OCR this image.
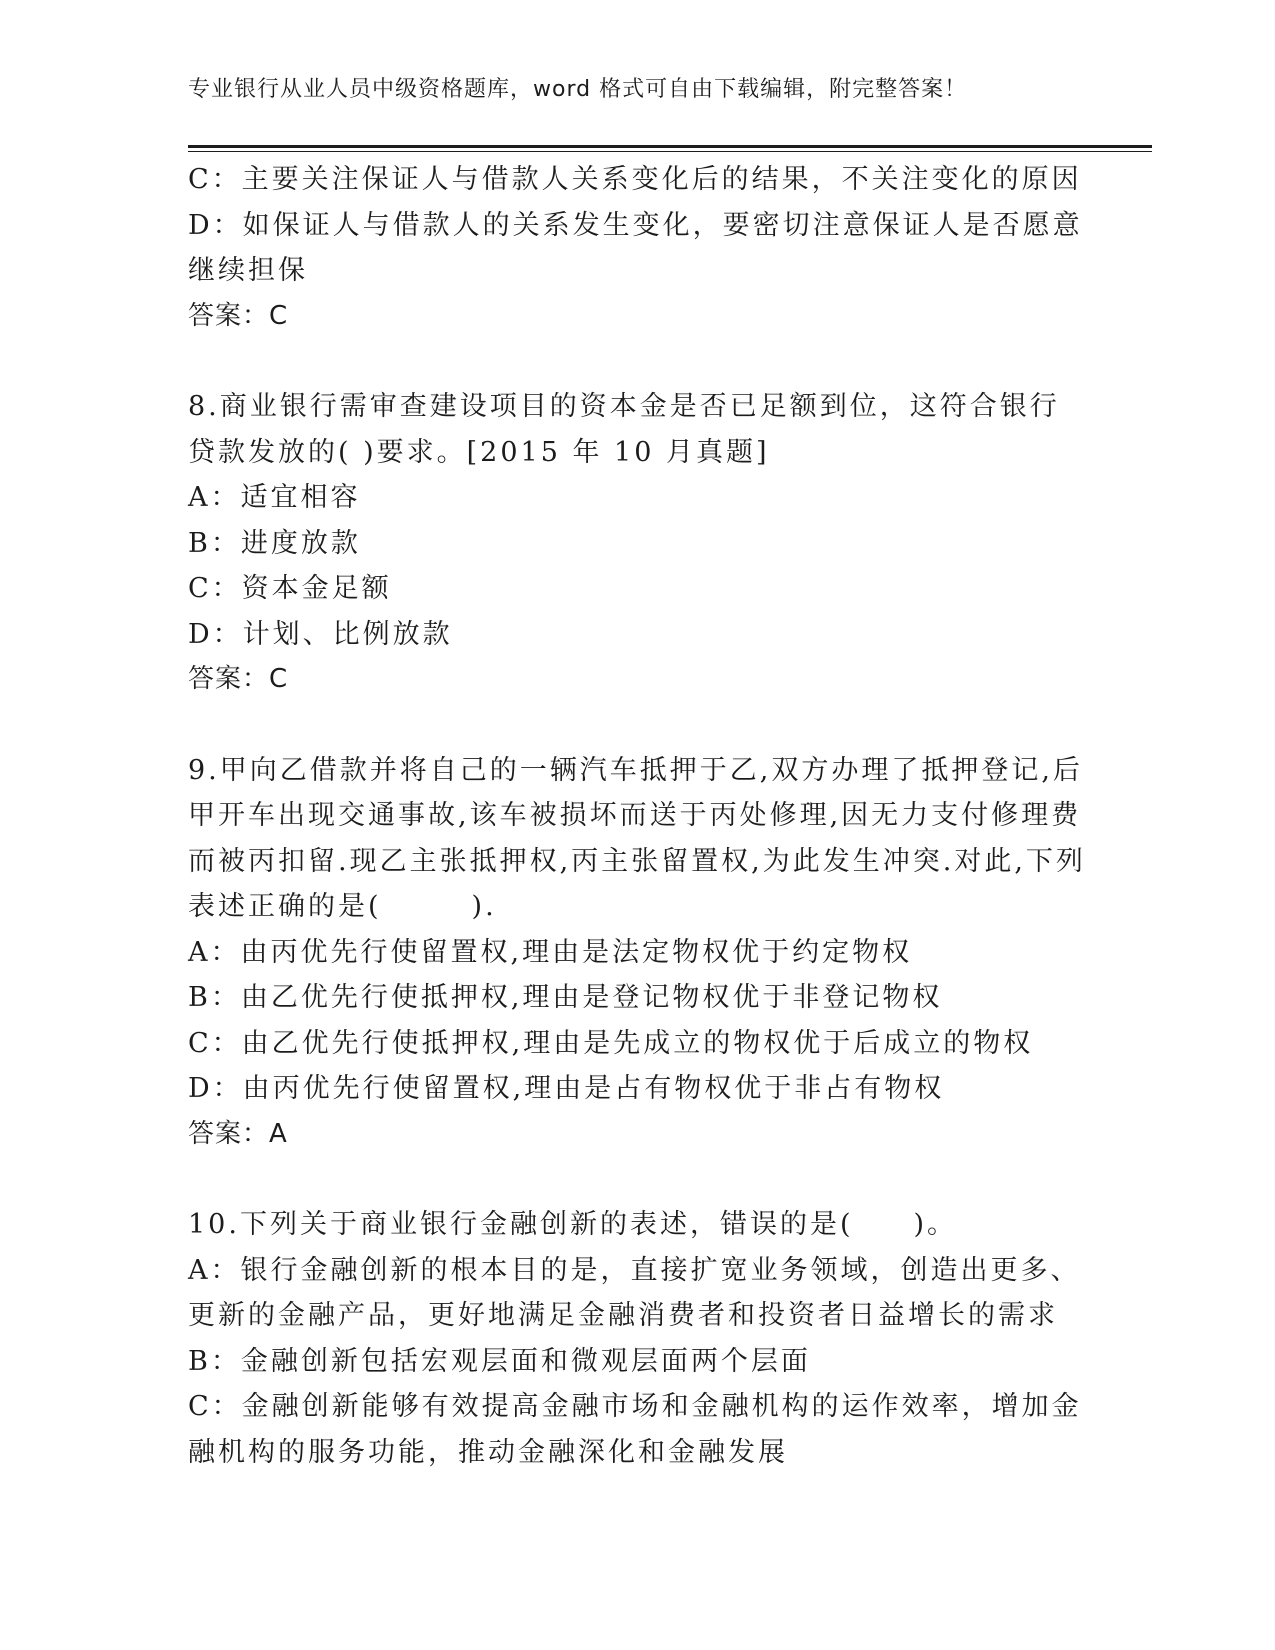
专业银行从业人员中级资格题库，word 格式可自由下载编辑，附完整答案！

C：主要关注保证人与借款人关系变化后的结果，不关注变化的原因

D：如保证人与借款人的关系发生变化，要密切注意保证人是否愿意继续担保

答案：C

8.商业银行需审查建设项目的资本金是否已足额到位，这符合银行贷款发放的( )要求。[2015 年 10 月真题]

A：适宜相容

B：进度放款

C：资本金足额

D：计划、比例放款

答案：C

9.甲向乙借款并将自己的一辆汽车抵押于乙,双方办理了抵押登记,后甲开车出现交通事故,该车被损坏而送于丙处修理,因无力支付修理费而被丙扣留.现乙主张抵押权,丙主张留置权,为此发生冲突.对此,下列表述正确的是(　　　).

A：由丙优先行使留置权,理由是法定物权优于约定物权

B：由乙优先行使抵押权,理由是登记物权优于非登记物权

C：由乙优先行使抵押权,理由是先成立的物权优于后成立的物权

D：由丙优先行使留置权,理由是占有物权优于非占有物权

答案：A

10.下列关于商业银行金融创新的表述，错误的是(　　)。

A：银行金融创新的根本目的是，直接扩宽业务领域，创造出更多、更新的金融产品，更好地满足金融消费者和投资者日益增长的需求

B：金融创新包括宏观层面和微观层面两个层面

C：金融创新能够有效提高金融市场和金融机构的运作效率，增加金融机构的服务功能，推动金融深化和金融发展
